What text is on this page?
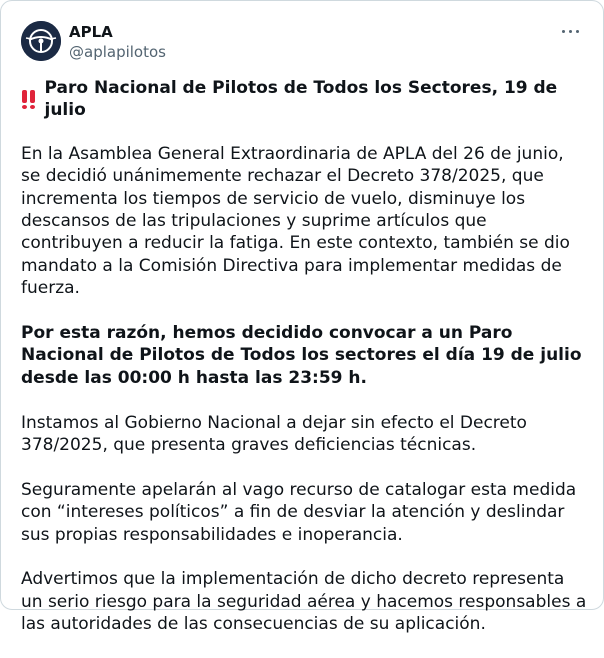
APLA
@aplapilotos
Paro Nacional de Pilotos de Todos los Sectores, 19 de julio

En la Asamblea General Extraordinaria de APLA del 26 de junio, se decidió unánimemente rechazar el Decreto 378/2025, que incrementa los tiempos de servicio de vuelo, disminuye los descansos de las tripulaciones y suprime artículos que contribuyen a reducir la fatiga. En este contexto, también se dio mandato a la Comisión Directiva para implementar medidas de fuerza.

Por esta razón, hemos decidido convocar a un Paro Nacional de Pilotos de Todos los sectores el día 19 de julio desde las 00:00 h hasta las 23:59 h.

Instamos al Gobierno Nacional a dejar sin efecto el Decreto 378/2025, que presenta graves deficiencias técnicas.

Seguramente apelarán al vago recurso de catalogar esta medida con “intereses políticos” a fin de desviar la atención y deslindar sus propias responsabilidades e inoperancia.

Advertimos que la implementación de dicho decreto representa un serio riesgo para la seguridad aérea y hacemos responsables a las autoridades de las consecuencias de su aplicación.
